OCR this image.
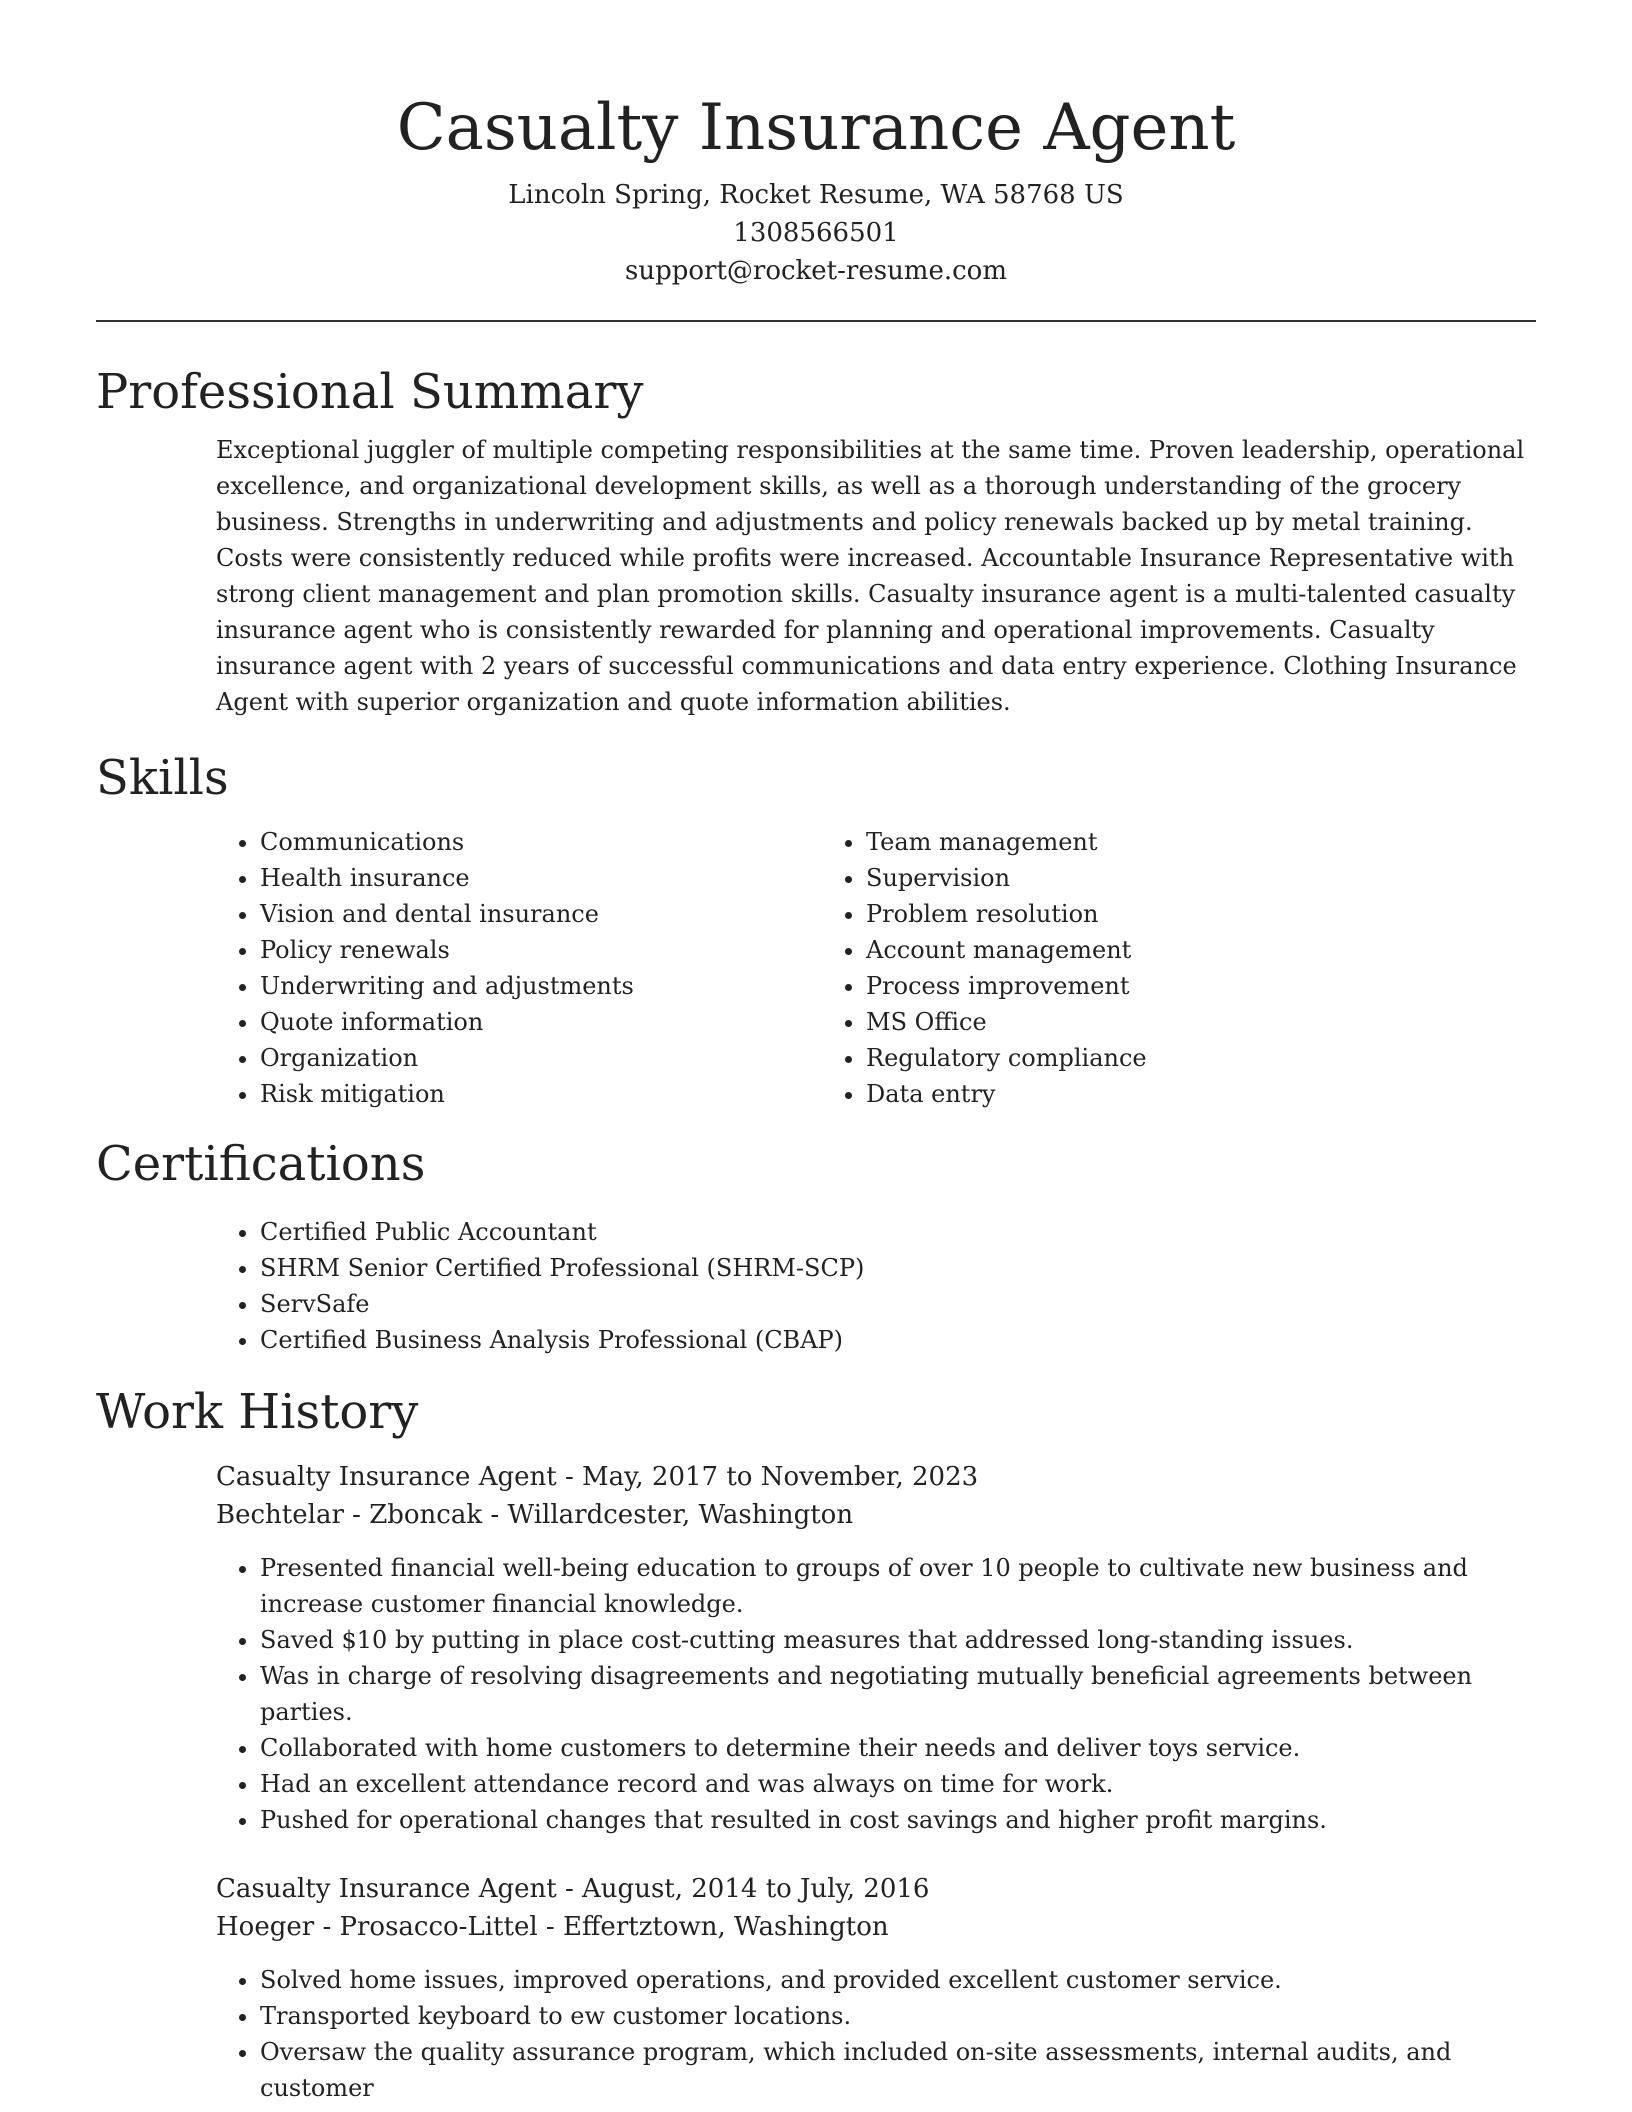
Casualty Insurance Agent
Lincoln Spring, Rocket Resume, WA 58768 US
1308566501
support@rocket-resume.com
Professional Summary

Exceptional juggler of multiple competing responsibilities at the same time. Proven leadership, operational excellence, and organizational development skills, as well as a thorough understanding of the grocery business. Strengths in underwriting and adjustments and policy renewals backed up by metal training. Costs were consistently reduced while profits were increased. Accountable Insurance Representative with strong client management and plan promotion skills. Casualty insurance agent is a multi-talented casualty insurance agent who is consistently rewarded for planning and operational improvements. Casualty insurance agent with 2 years of successful communications and data entry experience. Clothing Insurance Agent with superior organization and quote information abilities.

Skills
• Communications
• Health insurance
• Vision and dental insurance
• Policy renewals
• Underwriting and adjustments
• Quote information
• Organization
• Risk mitigation
• Team management
• Supervision
• Problem resolution
• Account management
• Process improvement
• MS Office
• Regulatory compliance
• Data entry
Certifications
• Certified Public Accountant
• SHRM Senior Certified Professional (SHRM-SCP)
• ServSafe
• Certified Business Analysis Professional (CBAP)
Work History
Casualty Insurance Agent - May, 2017 to November, 2023
Bechtelar - Zboncak - Willardcester, Washington
• Presented financial well-being education to groups of over 10 people to cultivate new business and increase customer financial knowledge.
• Saved $10 by putting in place cost-cutting measures that addressed long-standing issues.
• Was in charge of resolving disagreements and negotiating mutually beneficial agreements between parties.
• Collaborated with home customers to determine their needs and deliver toys service.
• Had an excellent attendance record and was always on time for work.
• Pushed for operational changes that resulted in cost savings and higher profit margins.
Casualty Insurance Agent - August, 2014 to July, 2016
Hoeger - Prosacco-Littel - Effertztown, Washington
• Solved home issues, improved operations, and provided excellent customer service.
• Transported keyboard to ew customer locations.
• Oversaw the quality assurance program, which included on-site assessments, internal audits, and customer
